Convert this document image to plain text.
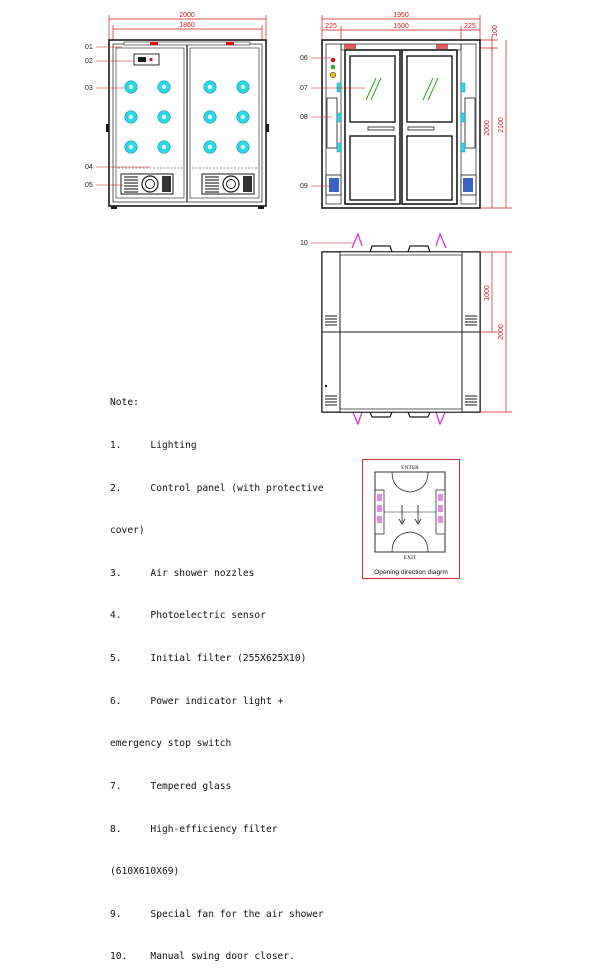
2000
1860
01
02
03
04
05
1950
225	1500	225 100
2000 2100
06
07
08
09
1000
2000
10
ENTER
EXIT

Note:

1.     Lighting

2.     Control panel (with protective

cover)

3.     Air shower nozzles

4.     Photoelectric sensor

5.     Initial filter (255X625X10)

6.     Power indicator light +

emergency stop switch

7.     Tempered glass

8.     High-efficiency filter

(610X610X69)

9.     Special fan for the air shower

10.    Manual swing door closer.

Opening direction diagrm
